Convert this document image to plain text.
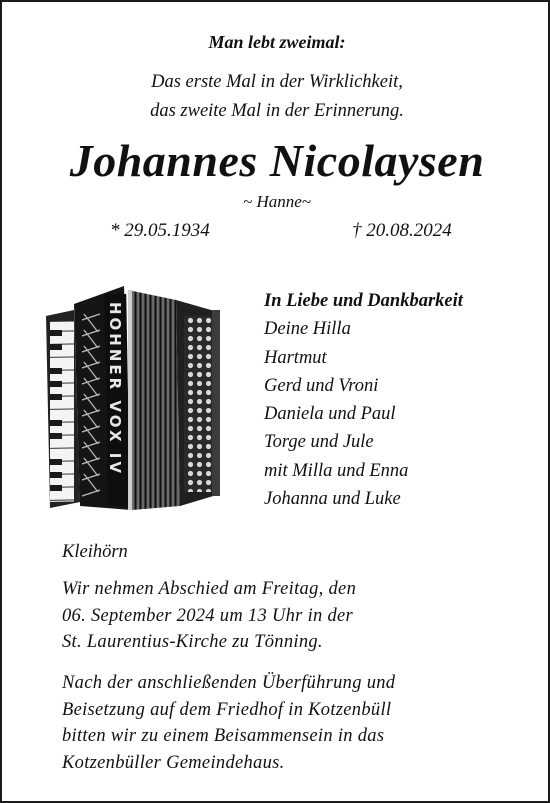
Man lebt zweimal:
Das erste Mal in der Wirklichkeit,
das zweite Mal in der Erinnerung.
Johannes Nicolaysen
~ Hanne~
* 29.05.1934	† 20.08.2024
HOHNER VOX IV
In Liebe und Dankbarkeit
Deine Hilla
Hartmut
Gerd und Vroni
Daniela und Paul
Torge und Jule
mit Milla und Enna
Johanna und Luke
Kleihörn
Wir nehmen Abschied am Freitag, den
06. September 2024 um 13 Uhr in der
St. Laurentius-Kirche zu Tönning.
Nach der anschließenden Überführung und
Beisetzung auf dem Friedhof in Kotzenbüll
bitten wir zu einem Beisammensein in das
Kotzenbüller Gemeindehaus.
